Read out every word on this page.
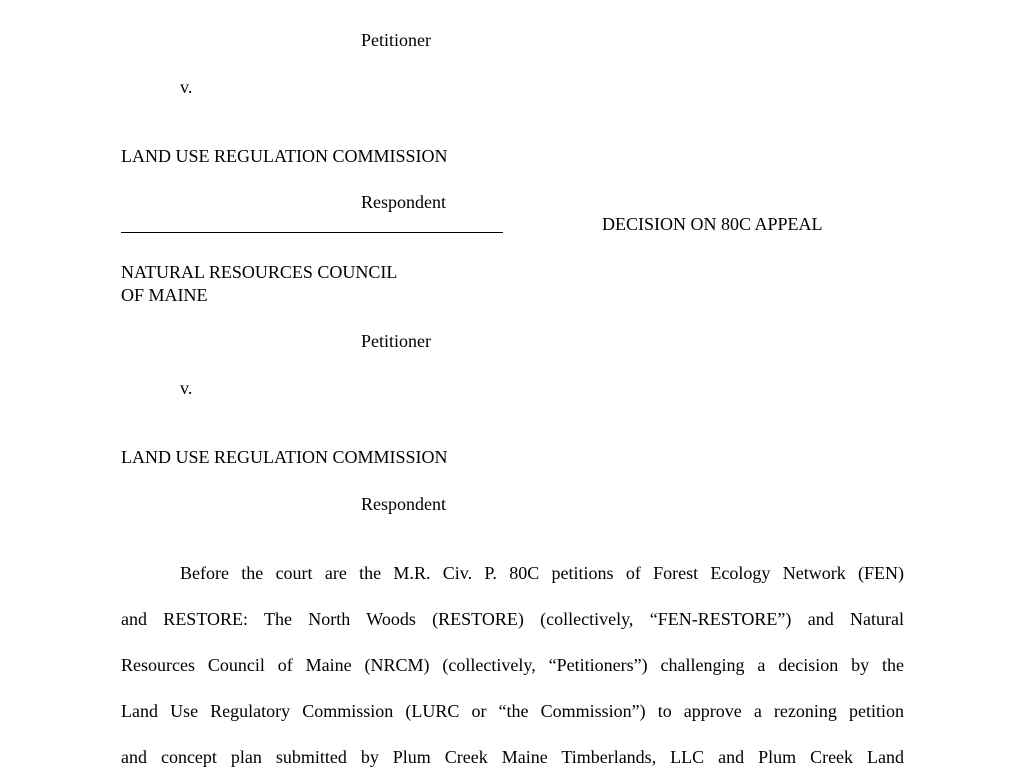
Petitioner
v.
LAND USE REGULATION COMMISSION
Respondent
DECISION ON 80C APPEAL
NATURAL RESOURCES COUNCIL
OF MAINE
Petitioner
v.
LAND USE REGULATION COMMISSION
Respondent
Before the court are the M.R. Civ. P. 80C petitions of Forest Ecology Network (FEN)
and RESTORE: The North Woods (RESTORE) (collectively, “FEN-RESTORE”) and Natural
Resources Council of Maine (NRCM) (collectively, “Petitioners”) challenging a decision by the
Land Use Regulatory Commission (LURC or “the Commission”) to approve a rezoning petition
and concept plan submitted by Plum Creek Maine Timberlands, LLC and Plum Creek Land
